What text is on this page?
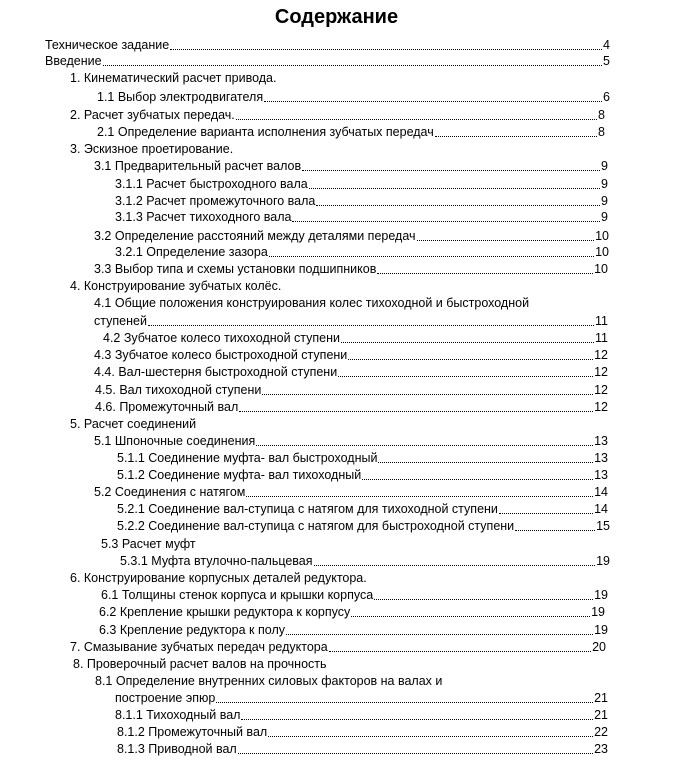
Содержание
Техническое задание	4
Введение	5
1. Кинематический расчет привода.
1.1 Выбор электродвигателя	6
2. Расчет зубчатых передач.	8
2.1 Определение варианта исполнения зубчатых передач	8
3. Эскизное проетирование.
3.1 Предварительный расчет валов	9
3.1.1 Расчет быстроходного вала	9
3.1.2 Расчет промежуточного вала	9
3.1.3 Расчет тихоходного вала	9
3.2 Определение расстояний между деталями передач	10
3.2.1 Определение зазора	10
3.3 Выбор типа и схемы установки подшипников	10
4. Конструирование зубчатых колёс.
4.1 Общие положения конструирования колес тихоходной и быстроходной
ступеней	11
4.2 Зубчатое колесо тихоходной ступени	11
4.3 Зубчатое колесо быстроходной ступени	12
4.4. Вал-шестерня быстроходной ступени	12
4.5. Вал тихоходной ступени	12
4.6. Промежуточный вал	12
5. Расчет соединений
5.1 Шпоночные соединения	13
5.1.1 Соединение муфта- вал быстроходный	13
5.1.2 Соединение муфта- вал тихоходный	13
5.2 Соединения с натягом	14
5.2.1 Соединение вал-ступица с натягом для тихоходной ступени	14
5.2.2 Соединение вал-ступица с натягом для быстроходной ступени	15
5.3 Расчет муфт
5.3.1 Муфта втулочно-пальцевая	19
6. Конструирование корпусных деталей редуктора.
6.1 Толщины стенок корпуса и крышки корпуса	19
6.2 Крепление крышки редуктора к корпусу	19
6.3 Крепление редуктора к полу	19
7. Смазывание зубчатых передач редуктора	20
8. Проверочный расчет валов на прочность
8.1 Определение внутренних силовых факторов на валах и
построение эпюр	21
8.1.1 Тихоходный вал	21
8.1.2 Промежуточный вал	22
8.1.3 Приводной вал	23
